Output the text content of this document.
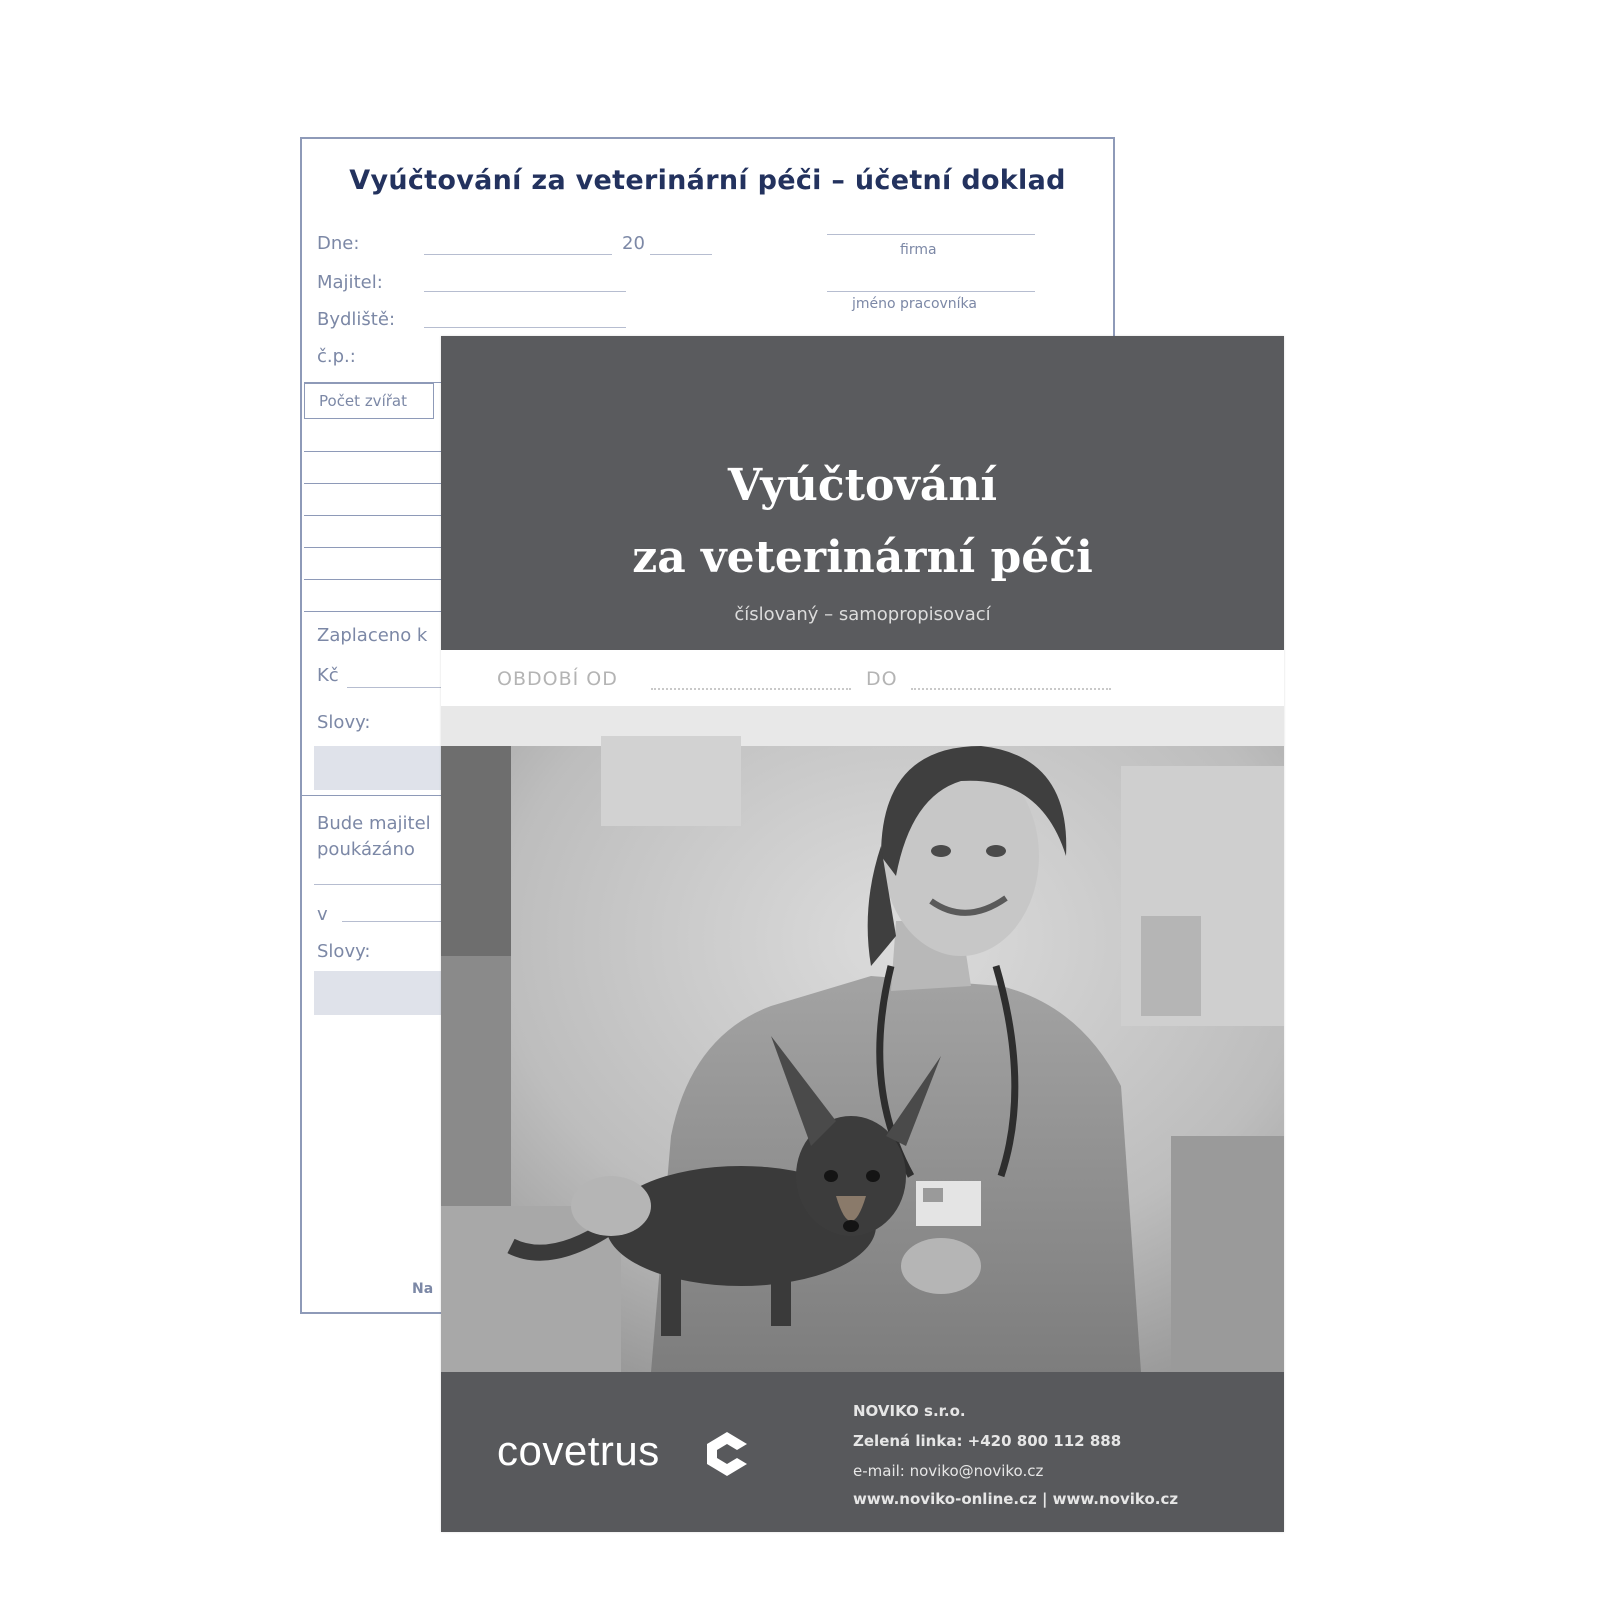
Vyúčtování za veterinární péči – účetní doklad
Dne:	20	firma
Majitel:
jméno pracovníka
Bydliště:
č.p.:
Počet zvířat
Zaplaceno k
Kč
Slovy:
Bude majitel poukázáno
v
Slovy:
Na
Vyúčtování
za veterinární péči
číslovaný – samopropisovací
OBDOBÍ OD	DO
covetrus
NOVIKO s.r.o.
Zelená linka: +420 800 112 888
e-mail: noviko@noviko.cz
www.noviko-online.cz | www.noviko.cz
